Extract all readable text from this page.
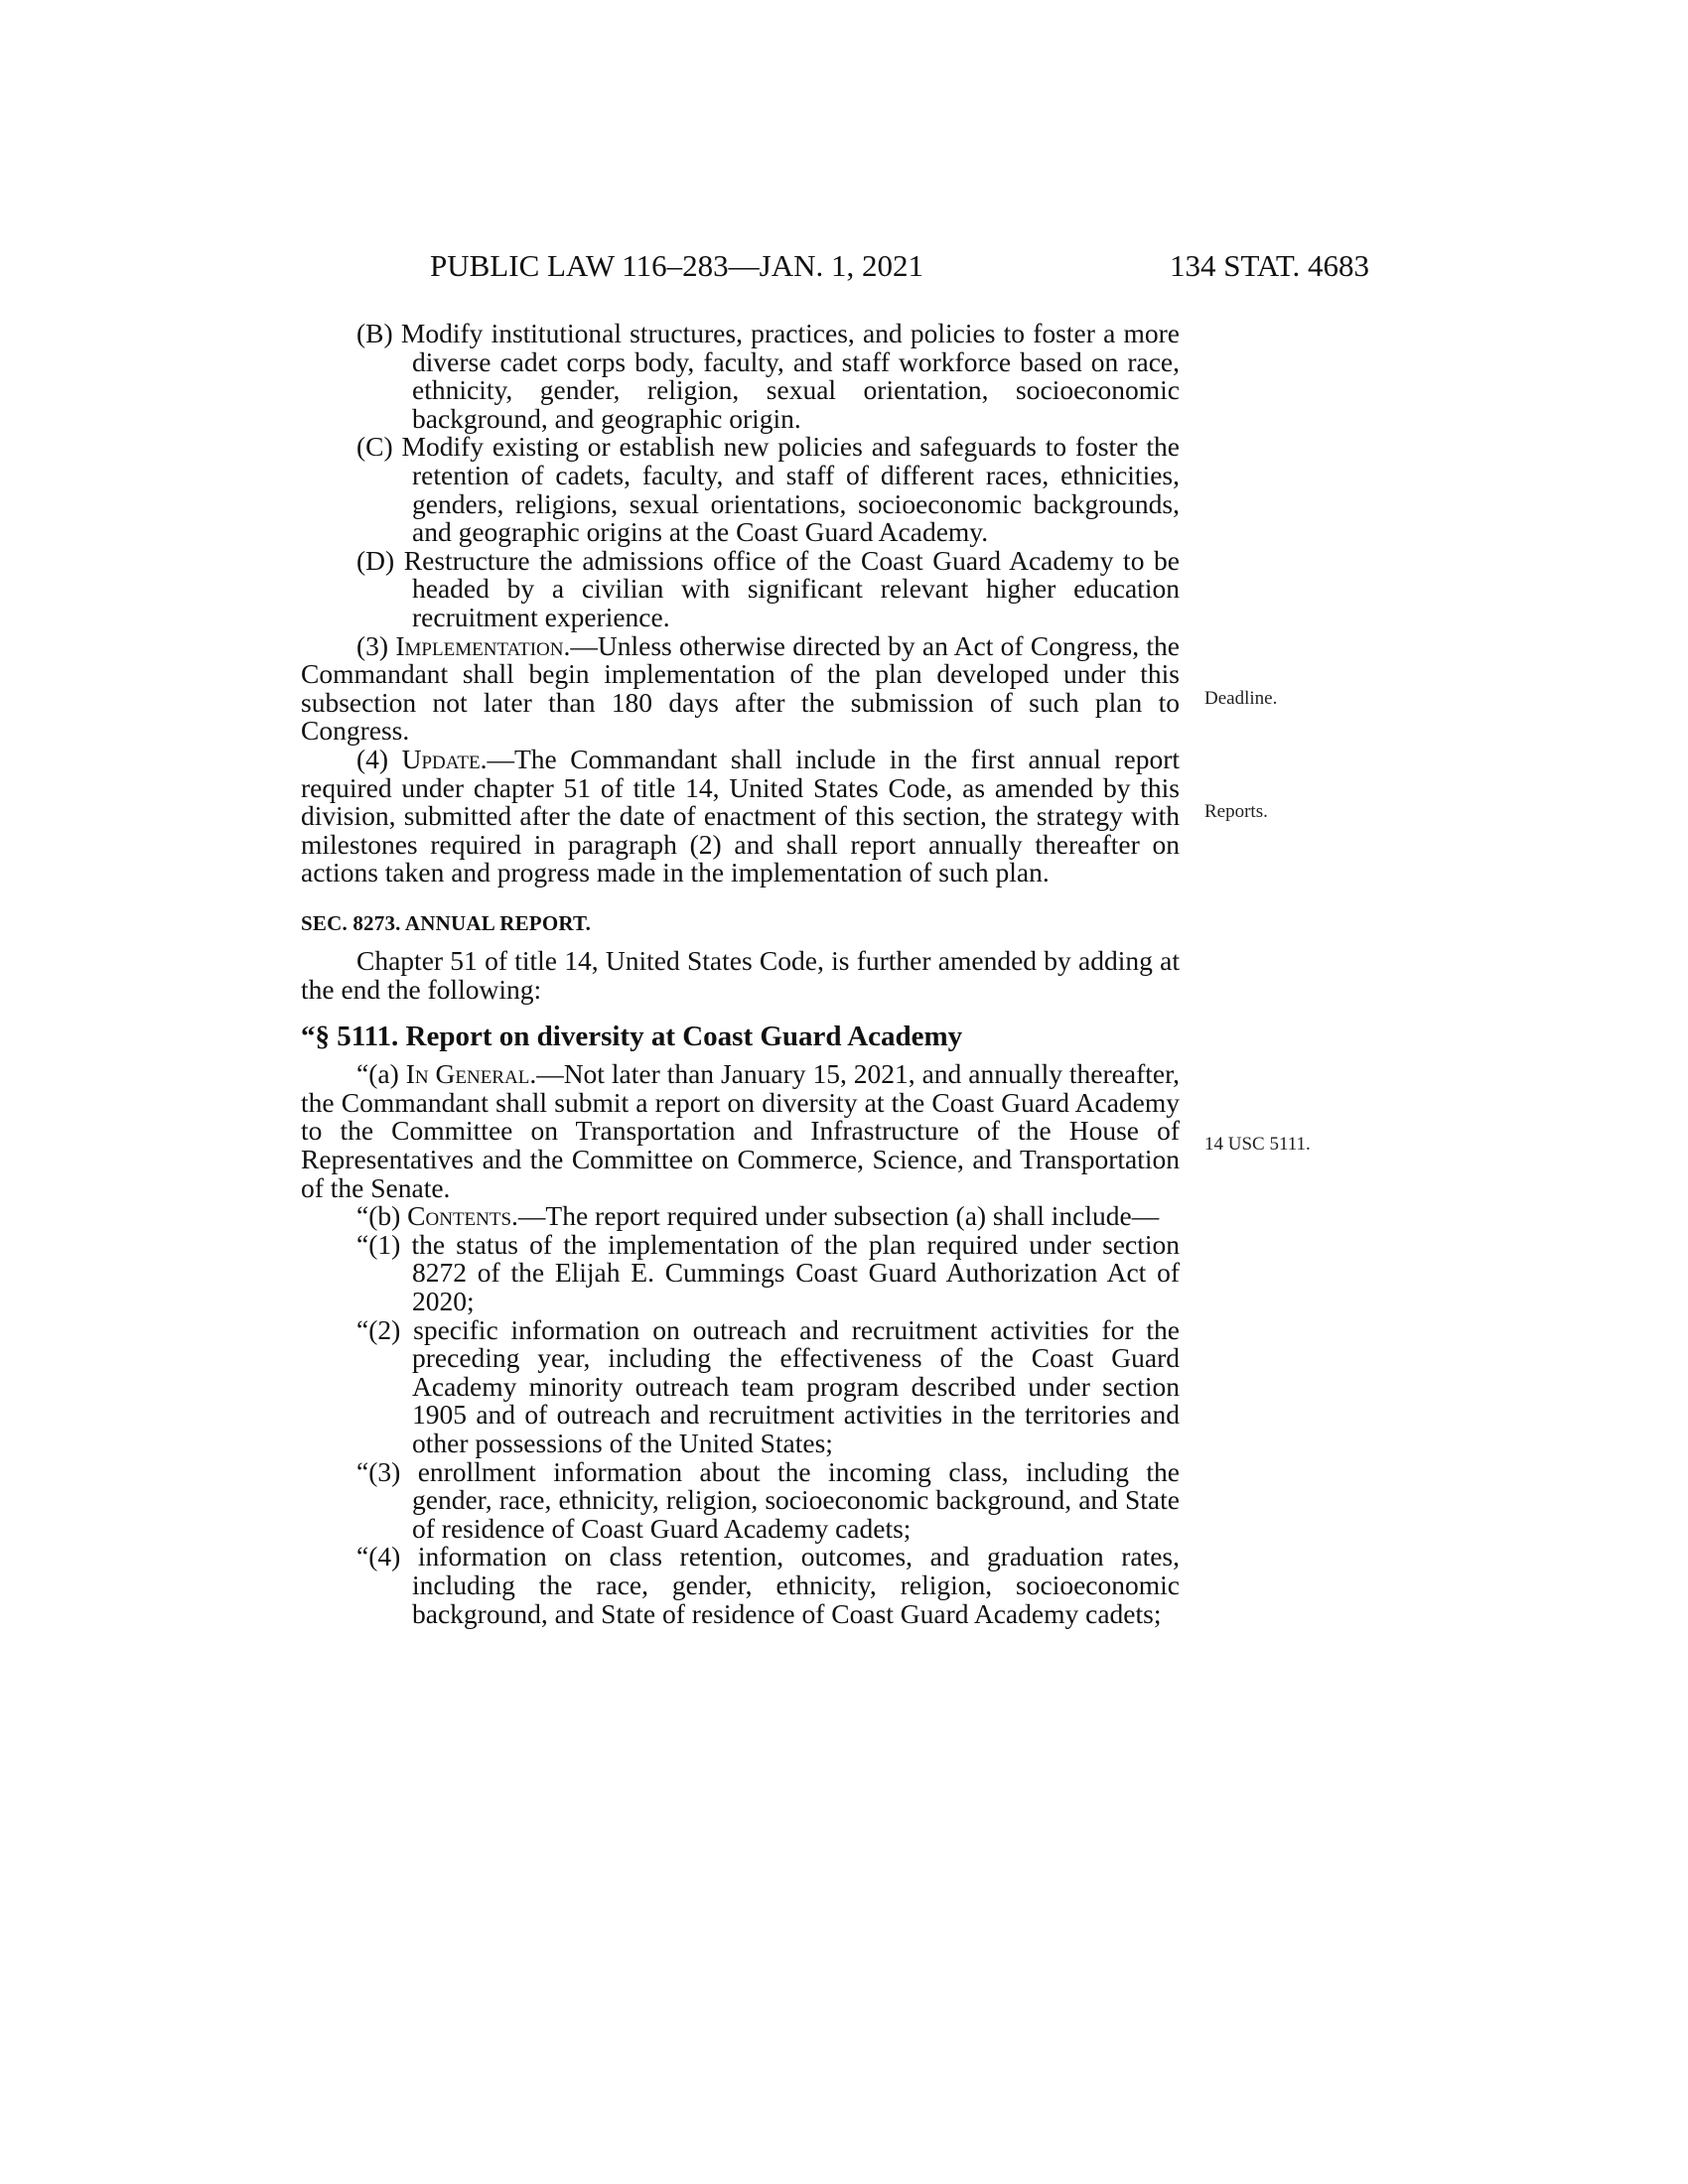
PUBLIC LAW 116–283—JAN. 1, 2021	134 STAT. 4683
Deadline.
Reports.
14 USC 5111.

(B) Modify institutional structures, practices, and policies to foster a more diverse cadet corps body, faculty, and staff workforce based on race, ethnicity, gender, religion, sexual orientation, socioeconomic background, and geographic origin.

(C) Modify existing or establish new policies and safeguards to foster the retention of cadets, faculty, and staff of different races, ethnicities, genders, religions, sexual orientations, socioeconomic backgrounds, and geographic origins at the Coast Guard Academy.

(D) Restructure the admissions office of the Coast Guard Academy to be headed by a civilian with significant relevant higher education recruitment experience.

(3) Implementation.—Unless otherwise directed by an Act of Congress, the Commandant shall begin implementation of the plan developed under this subsection not later than 180 days after the submission of such plan to Congress.

(4) Update.—The Commandant shall include in the first annual report required under chapter 51 of title 14, United States Code, as amended by this division, submitted after the date of enactment of this section, the strategy with milestones required in paragraph (2) and shall report annually thereafter on actions taken and progress made in the implementation of such plan.

SEC. 8273. ANNUAL REPORT.

Chapter 51 of title 14, United States Code, is further amended by adding at the end the following:

“§ 5111. Report on diversity at Coast Guard Academy

“(a) In General.—Not later than January 15, 2021, and annually thereafter, the Commandant shall submit a report on diversity at the Coast Guard Academy to the Committee on Transportation and Infrastructure of the House of Representatives and the Committee on Commerce, Science, and Transportation of the Senate.

“(b) Contents.—The report required under subsection (a) shall include—

“(1) the status of the implementation of the plan required under section 8272 of the Elijah E. Cummings Coast Guard Authorization Act of 2020;

“(2) specific information on outreach and recruitment activities for the preceding year, including the effectiveness of the Coast Guard Academy minority outreach team program described under section 1905 and of outreach and recruitment activities in the territories and other possessions of the United States;

“(3) enrollment information about the incoming class, including the gender, race, ethnicity, religion, socioeconomic background, and State of residence of Coast Guard Academy cadets;

“(4) information on class retention, outcomes, and graduation rates, including the race, gender, ethnicity, religion, socioeconomic background, and State of residence of Coast Guard Academy cadets;
